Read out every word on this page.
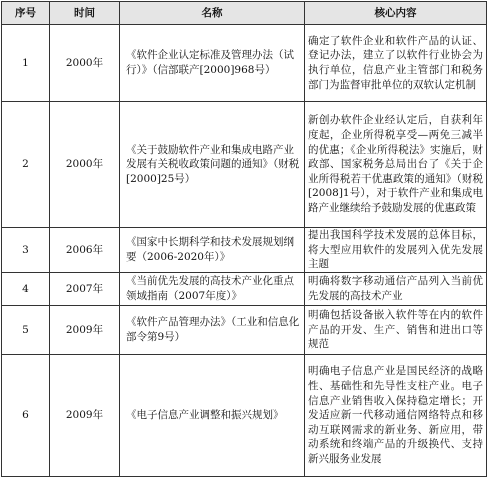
序号	时间	名称	核心内容
1	2000年	《软件企业认定标准及管理办法（试行）》（信部联产[2000]968号）	确定了软件企业和软件产品的认证、登记办法，建立了以软件行业协会为执行单位，信息产业主管部门和税务部门为监督审批单位的双软认定机制
2	2000年	《关于鼓励软件产业和集成电路产业发展有关税收政策问题的通知》（财税[2000]25号）	新创办软件企业经认定后，自获利年度起，企业所得税享受—两免三减半的优惠；《企业所得税法》实施后，财政部、国家税务总局出台了《关于企业所得税若干优惠政策的通知》（财税[2008]1号），对于软件产业和集成电路产业继续给予鼓励发展的优惠政策
3	2006年	《国家中长期科学和技术发展规划纲要（2006-2020年）》	提出我国科学技术发展的总体目标，将大型应用软件的发展列入优先发展主题
4	2007年	《当前优先发展的高技术产业化重点领域指南（2007年度）》	明确将数字移动通信产品列入当前优先发展的高技术产业
5	2009年	《软件产品管理办法》（工业和信息化部令第9号）	明确包括设备嵌入软件等在内的软件产品的开发、生产、销售和进出口等规范
6	2009年	《电子信息产业调整和振兴规划》	明确电子信息产业是国民经济的战略性、基础性和先导性支柱产业。电子信息产业销售收入保持稳定增长；开发适应新一代移动通信网络特点和移动互联网需求的新业务、新应用，带动系统和终端产品的升级换代、支持新兴服务业发展
